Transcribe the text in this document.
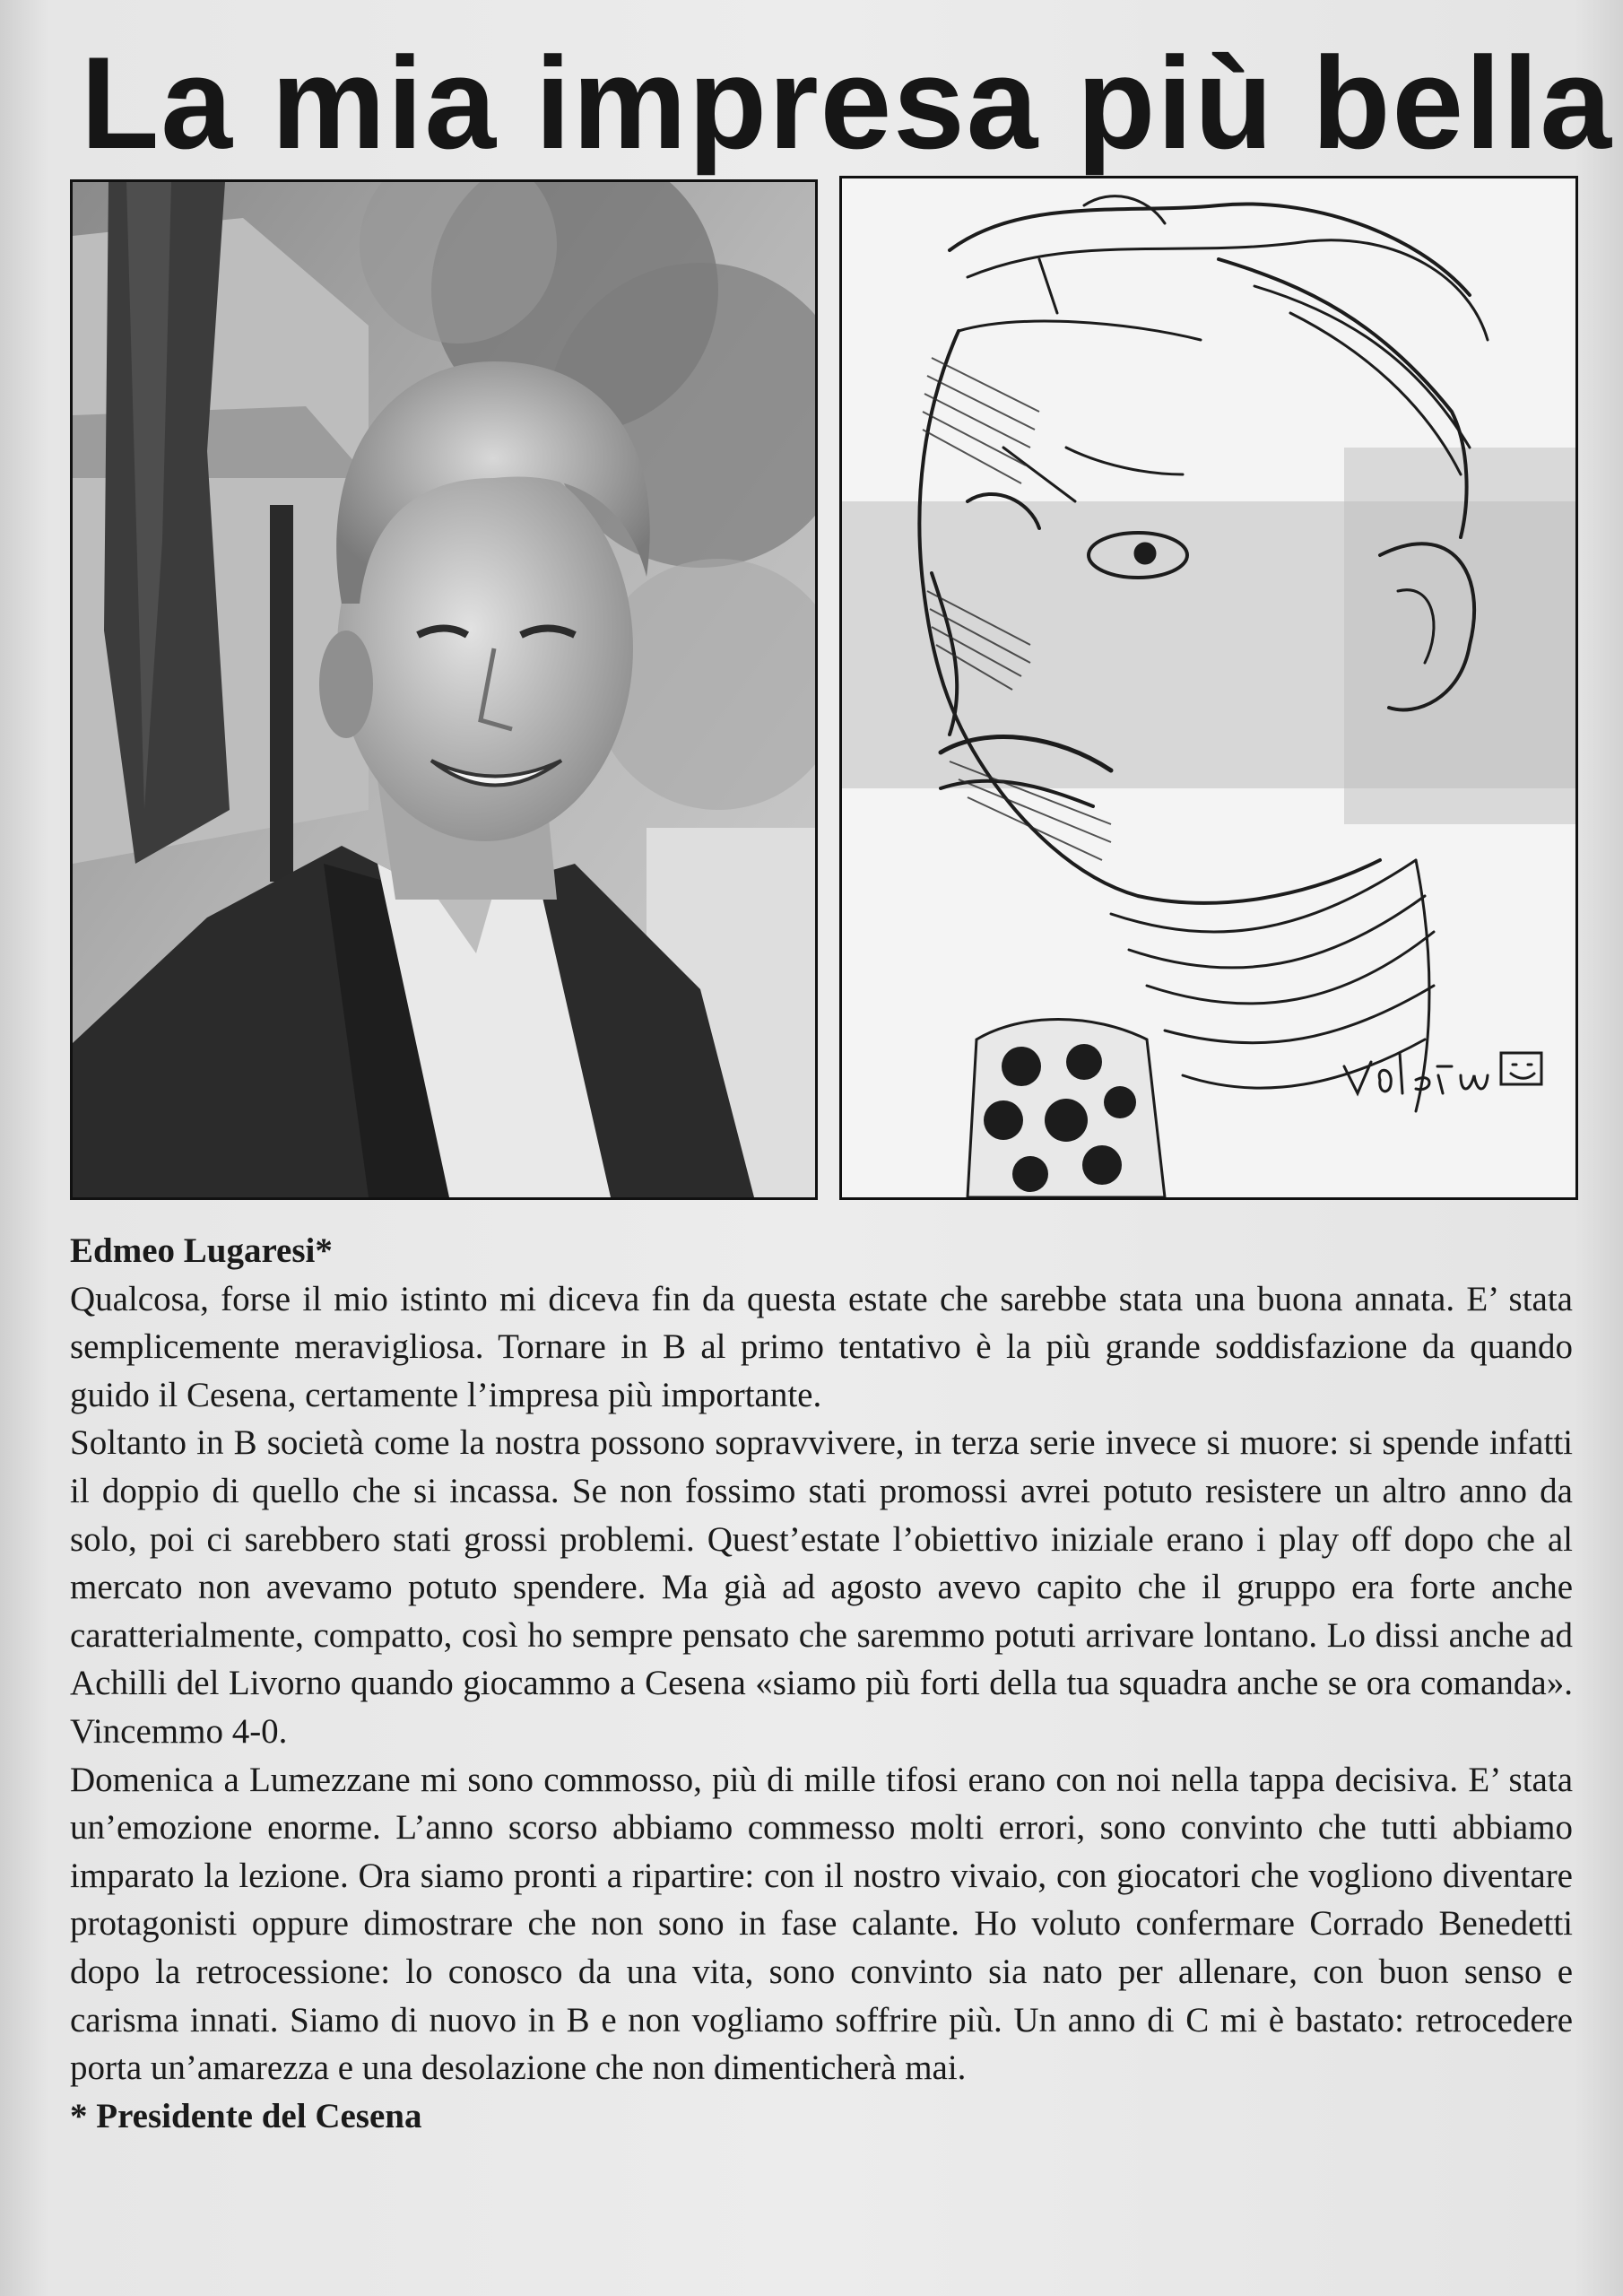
La mia impresa più bella

Edmeo Lugaresi*

Qualcosa, forse il mio istinto mi diceva fin da questa estate che sarebbe stata una buona annata. E’ stata semplicemente meravigliosa. Tornare in B al primo tentativo è la più grande soddisfazione da quando guido il Cesena, certamente l’impresa più importante.

Soltanto in B società come la nostra possono sopravvivere, in terza serie invece si muore: si spende infatti il doppio di quello che si incassa. Se non fossimo stati promossi avrei potuto resistere un altro anno da solo, poi ci sarebbero stati grossi problemi. Quest’estate l’obiettivo iniziale erano i play off dopo che al mercato non avevamo potuto spendere. Ma già ad agosto avevo capito che il gruppo era forte anche caratterialmente, compatto, così ho sempre pensato che saremmo potuti arrivare lontano. Lo dissi anche ad Achilli del Livorno quando giocammo a Cesena «siamo più forti della tua squadra anche se ora comanda». Vincemmo 4-0.

Domenica a Lumezzane mi sono commosso, più di mille tifosi erano con noi nella tappa decisiva. E’ stata un’emozione enorme. L’anno scorso abbiamo commesso molti errori, sono convinto che tutti abbiamo imparato la lezione. Ora siamo pronti a ripartire: con il nostro vivaio, con giocatori che vogliono diventare protagonisti oppure dimostrare che non sono in fase calante. Ho voluto confermare Corrado Benedetti dopo la retrocessione: lo conosco da una vita, sono convinto sia nato per allenare, con buon senso e carisma innati. Siamo di nuovo in B e non vogliamo soffrire più. Un anno di C mi è bastato: retrocedere porta un’amarezza e una desolazione che non dimenticherà mai.

* Presidente del Cesena
